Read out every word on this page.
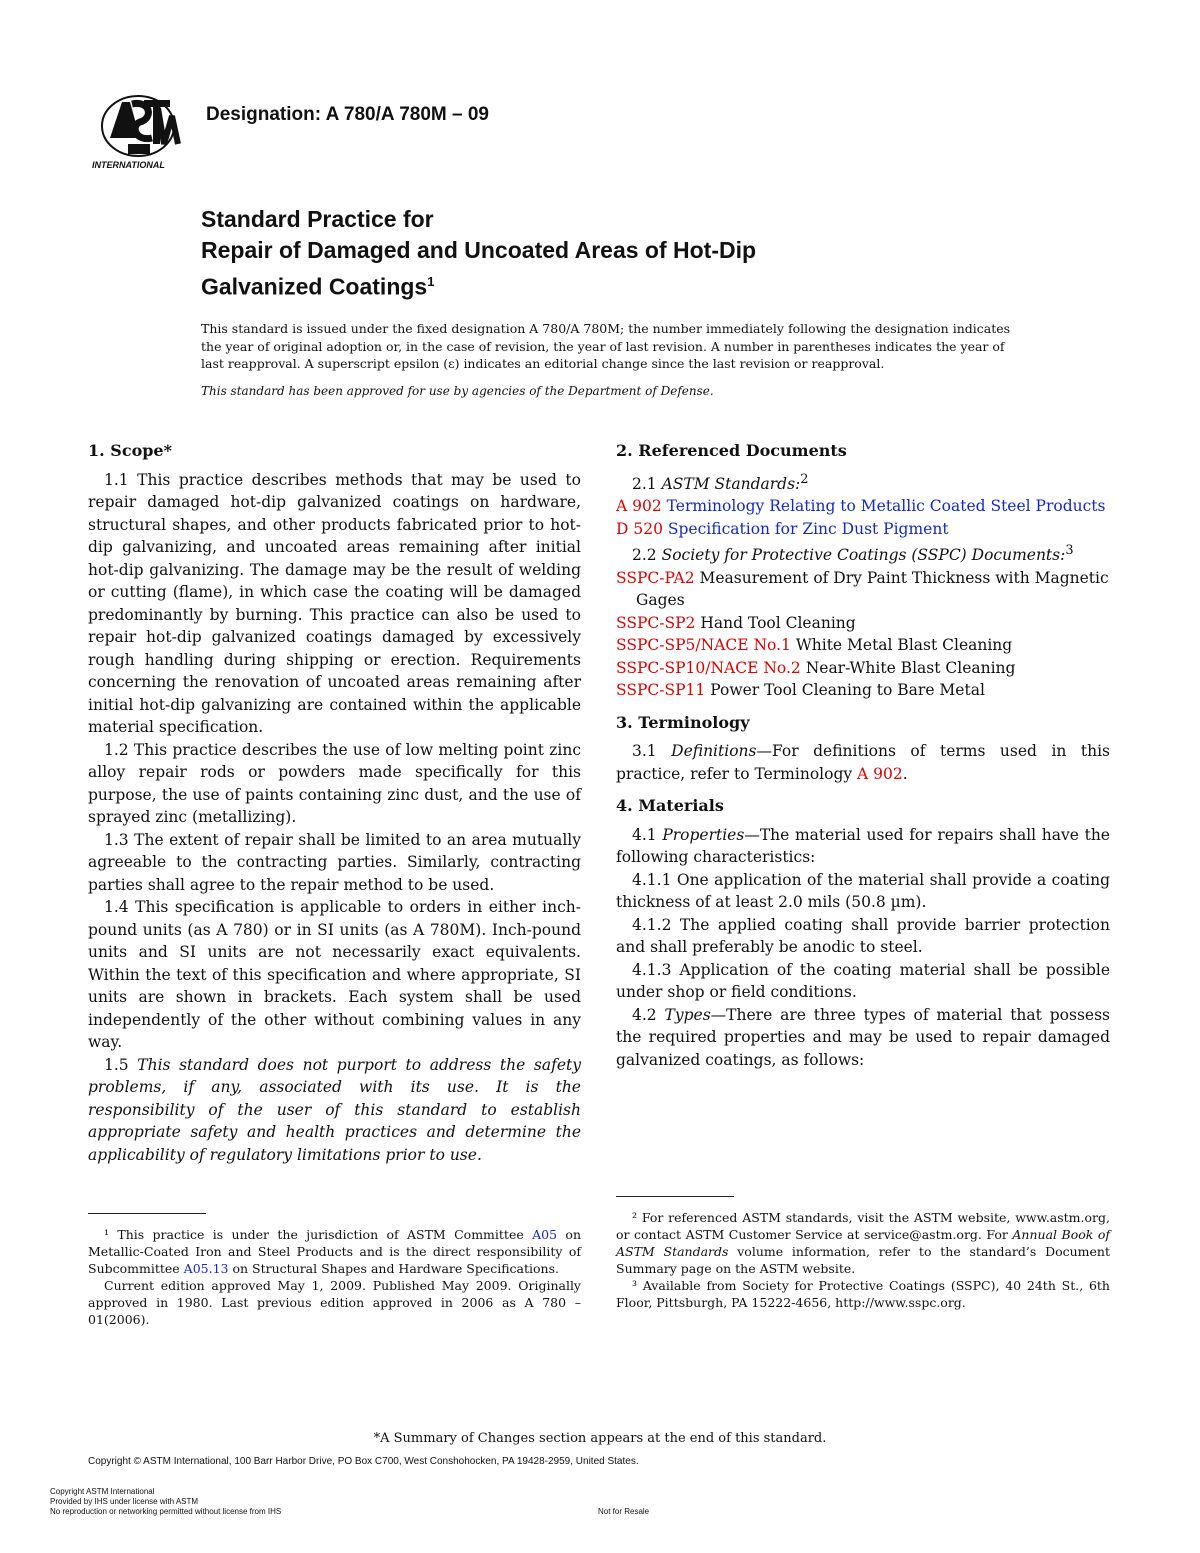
INTERNATIONAL
Designation: A 780/A 780M – 09
Standard Practice for
Repair of Damaged and Uncoated Areas of Hot-Dip
Galvanized Coatings$^1$
This standard is issued under the fixed designation A 780/A 780M; the number immediately following the designation indicates the year of original adoption or, in the case of revision, the year of last revision. A number in parentheses indicates the year of last reapproval. A superscript epsilon (ε) indicates an editorial change since the last revision or reapproval.
This standard has been approved for use by agencies of the Department of Defense.
1. Scope*

1.1 This practice describes methods that may be used to repair damaged hot-dip galvanized coatings on hardware, structural shapes, and other products fabricated prior to hot-dip galvanizing, and uncoated areas remaining after initial hot-dip galvanizing. The damage may be the result of welding or cutting (flame), in which case the coating will be damaged predominantly by burning. This practice can also be used to repair hot-dip galvanized coatings damaged by excessively rough handling during shipping or erection. Requirements concerning the renovation of uncoated areas remaining after initial hot-dip galvanizing are contained within the applicable material specification.

1.2 This practice describes the use of low melting point zinc alloy repair rods or powders made specifically for this purpose, the use of paints containing zinc dust, and the use of sprayed zinc (metallizing).

1.3 The extent of repair shall be limited to an area mutually agreeable to the contracting parties. Similarly, contracting parties shall agree to the repair method to be used.

1.4 This specification is applicable to orders in either inch-pound units (as A 780) or in SI units (as A 780M). Inch-pound units and SI units are not necessarily exact equivalents. Within the text of this specification and where appropriate, SI units are shown in brackets. Each system shall be used independently of the other without combining values in any way.

1.5 This standard does not purport to address the safety problems, if any, associated with its use. It is the responsibility of the user of this standard to establish appropriate safety and health practices and determine the applicability of regulatory limitations prior to use.

2. Referenced Documents

2.1 ASTM Standards:$^2$

A 902 Terminology Relating to Metallic Coated Steel Products
D 520 Specification for Zinc Dust Pigment

2.2 Society for Protective Coatings (SSPC) Documents:$^3$

SSPC-PA2 Measurement of Dry Paint Thickness with Magnetic Gages
SSPC-SP2 Hand Tool Cleaning
SSPC-SP5/NACE No.1 White Metal Blast Cleaning
SSPC-SP10/NACE No.2 Near-White Blast Cleaning
SSPC-SP11 Power Tool Cleaning to Bare Metal
3. Terminology

3.1 Definitions—For definitions of terms used in this practice, refer to Terminology A 902.

4. Materials

4.1 Properties—The material used for repairs shall have the following characteristics:

4.1.1 One application of the material shall provide a coating thickness of at least 2.0 mils (50.8 µm).

4.1.2 The applied coating shall provide barrier protection and shall preferably be anodic to steel.

4.1.3 Application of the coating material shall be possible under shop or field conditions.

4.2 Types—There are three types of material that possess the required properties and may be used to repair damaged galvanized coatings, as follows:

¹ This practice is under the jurisdiction of ASTM Committee A05 on Metallic-Coated Iron and Steel Products and is the direct responsibility of Subcommittee A05.13 on Structural Shapes and Hardware Specifications.

Current edition approved May 1, 2009. Published May 2009. Originally approved in 1980. Last previous edition approved in 2006 as A 780 – 01(2006).

² For referenced ASTM standards, visit the ASTM website, www.astm.org, or contact ASTM Customer Service at service@astm.org. For Annual Book of ASTM Standards volume information, refer to the standard’s Document Summary page on the ASTM website.

³ Available from Society for Protective Coatings (SSPC), 40 24th St., 6th Floor, Pittsburgh, PA 15222-4656, http://www.sspc.org.

*A Summary of Changes section appears at the end of this standard.
Copyright © ASTM International, 100 Barr Harbor Drive, PO Box C700, West Conshohocken, PA 19428-2959, United States.
Copyright ASTM International
Provided by IHS under license with ASTM
No reproduction or networking permitted without license from IHS	Not for Resale
